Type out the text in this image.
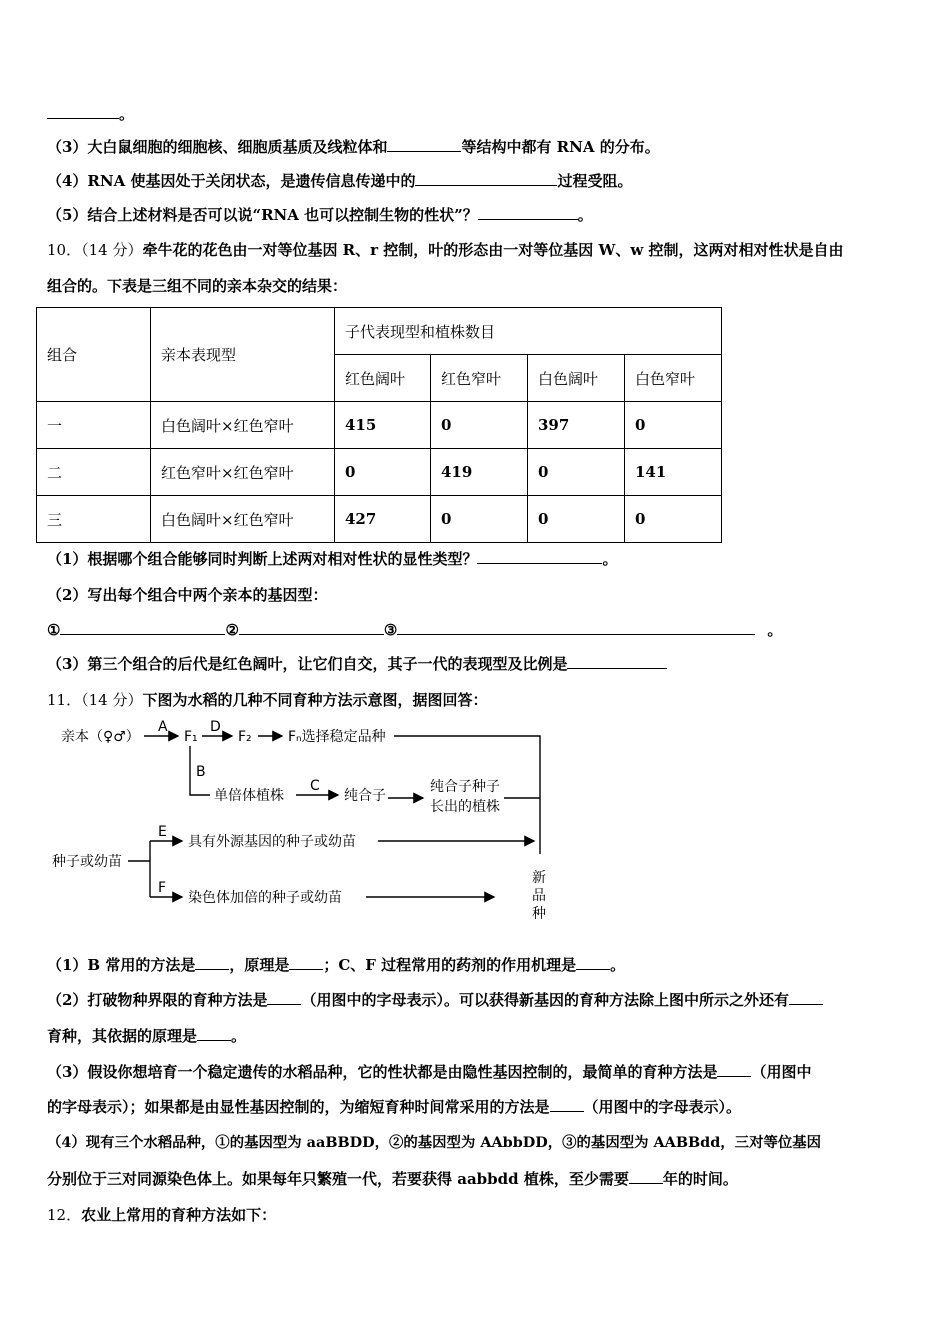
。
（3）大白鼠细胞的细胞核、细胞质基质及线粒体和	等结构中都有 RNA 的分布。
（4）RNA 使基因处于关闭状态，是遗传信息传递中的	过程受阻。
（5）结合上述材料是否可以说“RNA 也可以控制生物的性状”？	。
10．（14 分）牵牛花的花色由一对等位基因 R、r 控制，叶的形态由一对等位基因 W、w 控制，这两对相对性状是自由
组合的。下表是三组不同的亲本杂交的结果：
组合	亲本表现型	子代表现型和植株数目			
		红色阔叶	红色窄叶	白色阔叶	白色窄叶
一	白色阔叶×红色窄叶	415	0	397	0
二	红色窄叶×红色窄叶	0	419	0	141
三	白色阔叶×红色窄叶	427	0	0	0
（1）根据哪个组合能够同时判断上述两对相对性状的显性类型？	。
（2）写出每个组合中两个亲本的基因型：
①	②	③	。
（3）第三个组合的后代是红色阔叶，让它们自交，其子一代的表现型及比例是
11．（14 分）下图为水稻的几种不同育种方法示意图，据图回答：
亲本（♀♂）
A
F₁
D
F₂	Fₙ选择稳定品种
B
单倍体植株
C
纯合子
纯合子种子
长出的植株
E
具有外源基因的种子或幼苗
种子或幼苗
F
染色体加倍的种子或幼苗
新
品
种
（1）B 常用的方法是 ，原理是 ；C、F 过程常用的药剂的作用机理是 。
（2）打破物种界限的育种方法是 （用图中的字母表示）。可以获得新基因的育种方法除上图中所示之外还有
育种，其依据的原理是 。
（3）假设你想培育一个稳定遗传的水稻品种，它的性状都是由隐性基因控制的，最简单的育种方法是 （用图中
的字母表示）；如果都是由显性基因控制的，为缩短育种时间常采用的方法是 （用图中的字母表示）。
（4）现有三个水稻品种，①的基因型为 aaBBDD，②的基因型为 AAbbDD，③的基因型为 AABBdd，三对等位基因
分别位于三对同源染色体上。如果每年只繁殖一代，若要获得 aabbdd 植株，至少需要 年的时间。
12．农业上常用的育种方法如下：
